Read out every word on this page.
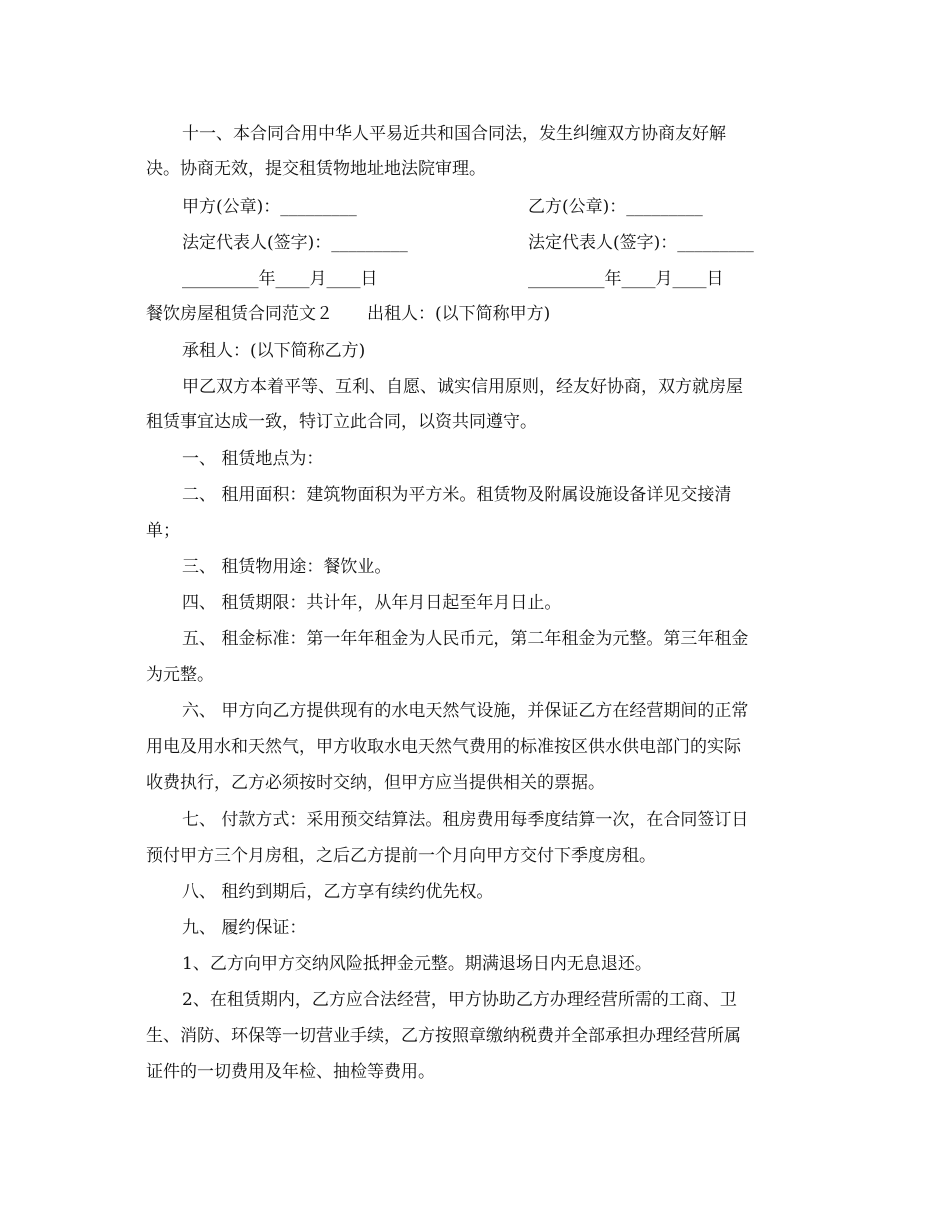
十一、本合同合用中华人平易近共和国合同法，发生纠缠双方协商友好解
决。协商无效，提交租赁物地址地法院审理。
甲方(公章)：_________	乙方(公章)：_________
法定代表人(签字)：_________	法定代表人(签字)：_________
_________年____月____日	_________年____月____日
餐饮房屋租赁合同范文２　　出租人：(以下简称甲方)
承租人：(以下简称乙方)
甲乙双方本着平等、互利、自愿、诚实信用原则，经友好协商，双方就房屋
租赁事宜达成一致，特订立此合同，以资共同遵守。
一、 租赁地点为：
二、 租用面积：建筑物面积为平方米。租赁物及附属设施设备详见交接清
单；
三、 租赁物用途：餐饮业。
四、 租赁期限：共计年，从年月日起至年月日止。
五、 租金标准：第一年年租金为人民币元，第二年租金为元整。第三年租金
为元整。
六、 甲方向乙方提供现有的水电天然气设施，并保证乙方在经营期间的正常
用电及用水和天然气，甲方收取水电天然气费用的标准按区供水供电部门的实际
收费执行，乙方必须按时交纳，但甲方应当提供相关的票据。
七、 付款方式：采用预交结算法。租房费用每季度结算一次，在合同签订日
预付甲方三个月房租，之后乙方提前一个月向甲方交付下季度房租。
八、 租约到期后，乙方享有续约优先权。
九、 履约保证：
1、乙方向甲方交纳风险抵押金元整。期满退场日内无息退还。
2、在租赁期内，乙方应合法经营，甲方协助乙方办理经营所需的工商、卫
生、消防、环保等一切营业手续，乙方按照章缴纳税费并全部承担办理经营所属
证件的一切费用及年检、抽检等费用。
